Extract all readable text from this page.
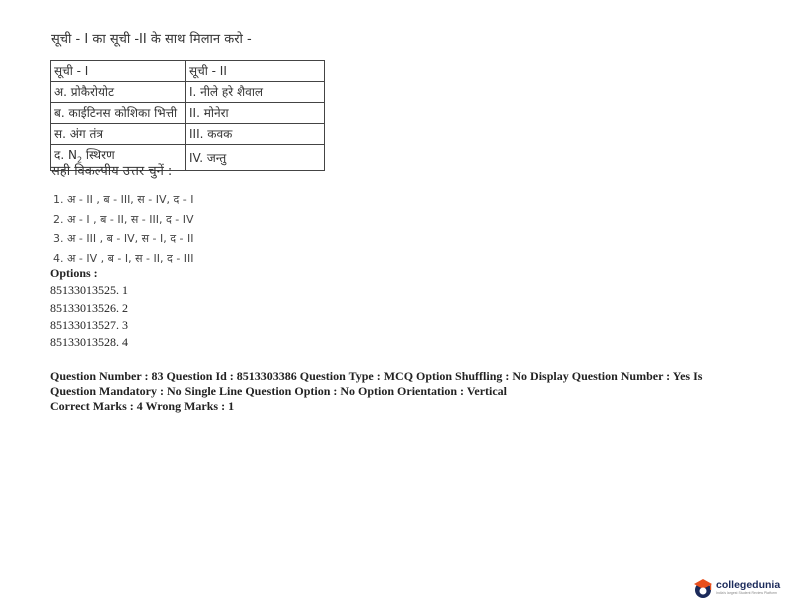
सूची - I का सूची -II के साथ मिलान करो -
सूची - I	सूची - II
अ. प्रोकैरोयोट	I. नीले हरे शैवाल
ब. काईटिनस कोशिका भित्ती	II. मोनेरा
स. अंग तंत्र	III. कवक
द. $N_2$ स्थिरण	IV. जन्तु
सही विकल्पीय उत्तर चुनें :
1. अ - II , ब - III, स - IV, द - I
2. अ - I , ब - II, स - III, द - IV
3. अ - III , ब - IV, स - I, द - II
4. अ - IV , ब - I, स - II, द - III
Options :
85133013525. 1
85133013526. 2
85133013527. 3
85133013528. 4
Question Number : 83 Question Id : 8513303386 Question Type : MCQ Option Shuffling : No Display Question Number : Yes Is
Question Mandatory : No Single Line Question Option : No Option Orientation : Vertical
Correct Marks : 4 Wrong Marks : 1
collegedunia
India's largest Student Review Platform
